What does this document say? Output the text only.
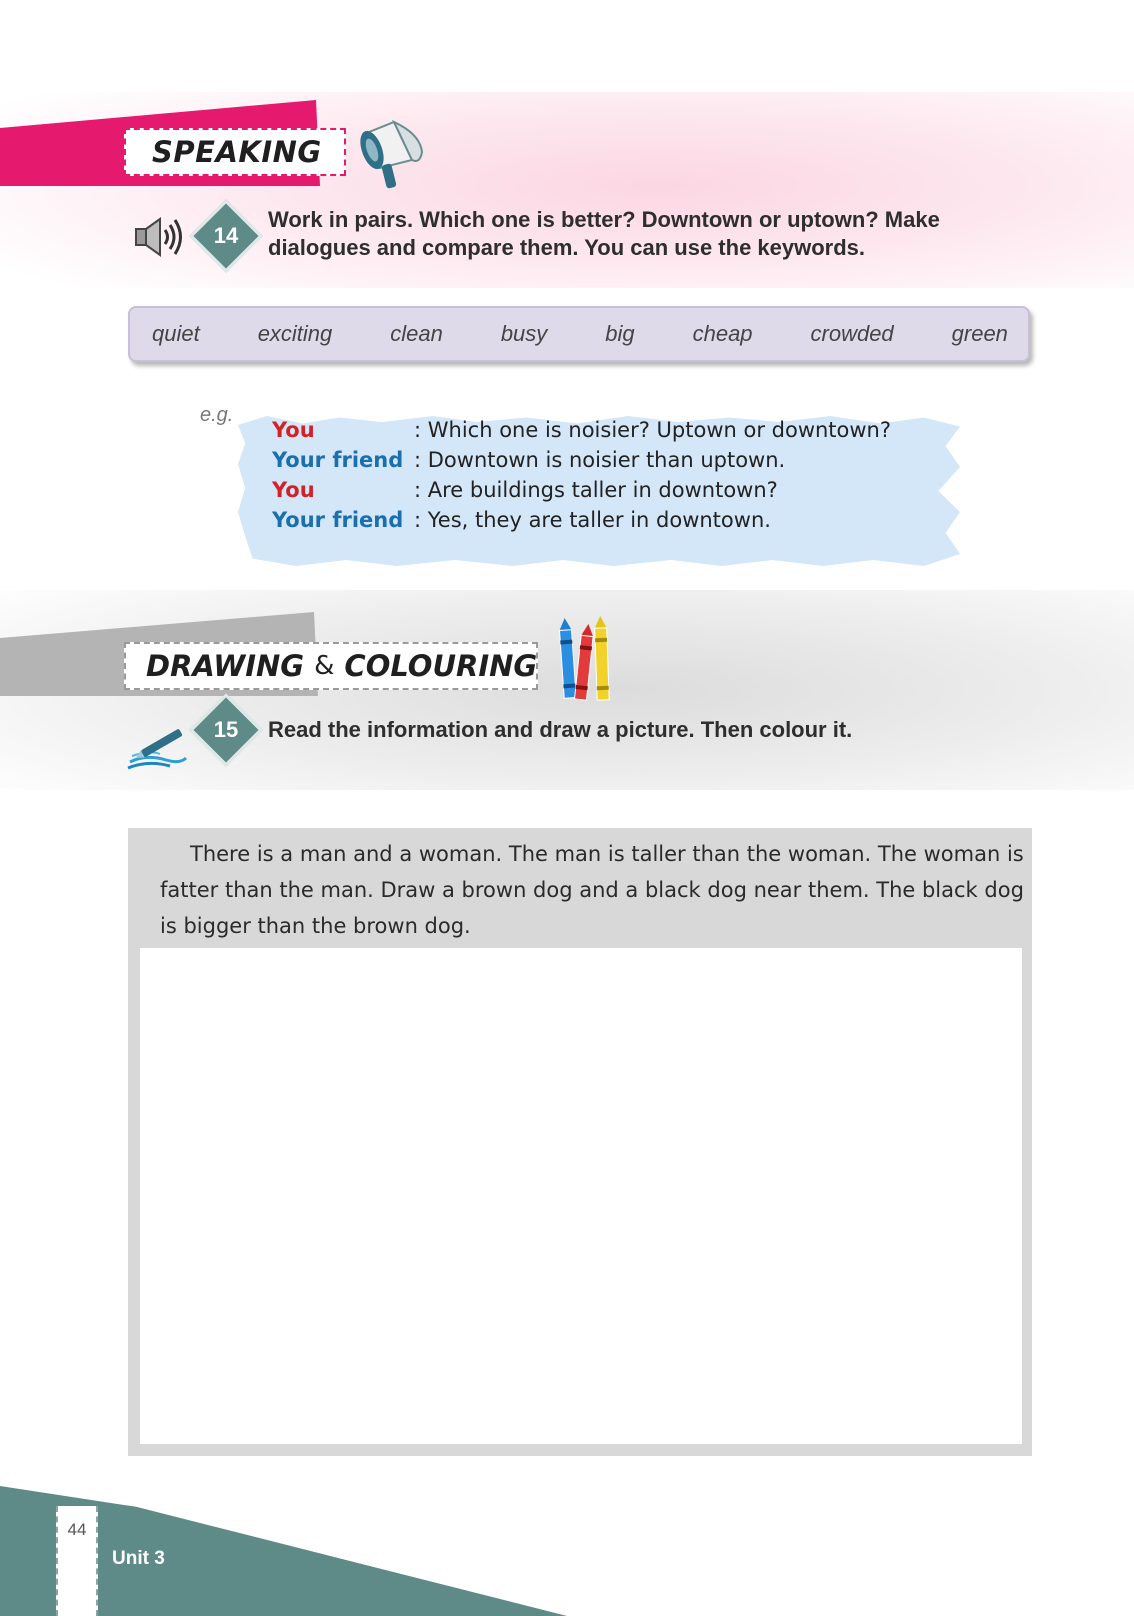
SPEAKING
14
Work in pairs. Which one is better? Downtown or uptown? Make
dialogues and compare them. You can use the keywords.
quiet	exciting	clean	busy	big	cheap	crowded	green
e.g.
You	: Which one is noisier? Uptown or downtown?
Your friend : Downtown is noisier than uptown.
You	: Are buildings taller in downtown?
Your friend : Yes, they are taller in downtown.
DRAWING & COLOURING
15	Read the information and draw a picture. Then colour it.
There is a man and a woman. The man is taller than the woman. The woman is fatter than the man. Draw a brown dog and a black dog near them. The black dog is bigger than the brown dog.
44
Unit 3
